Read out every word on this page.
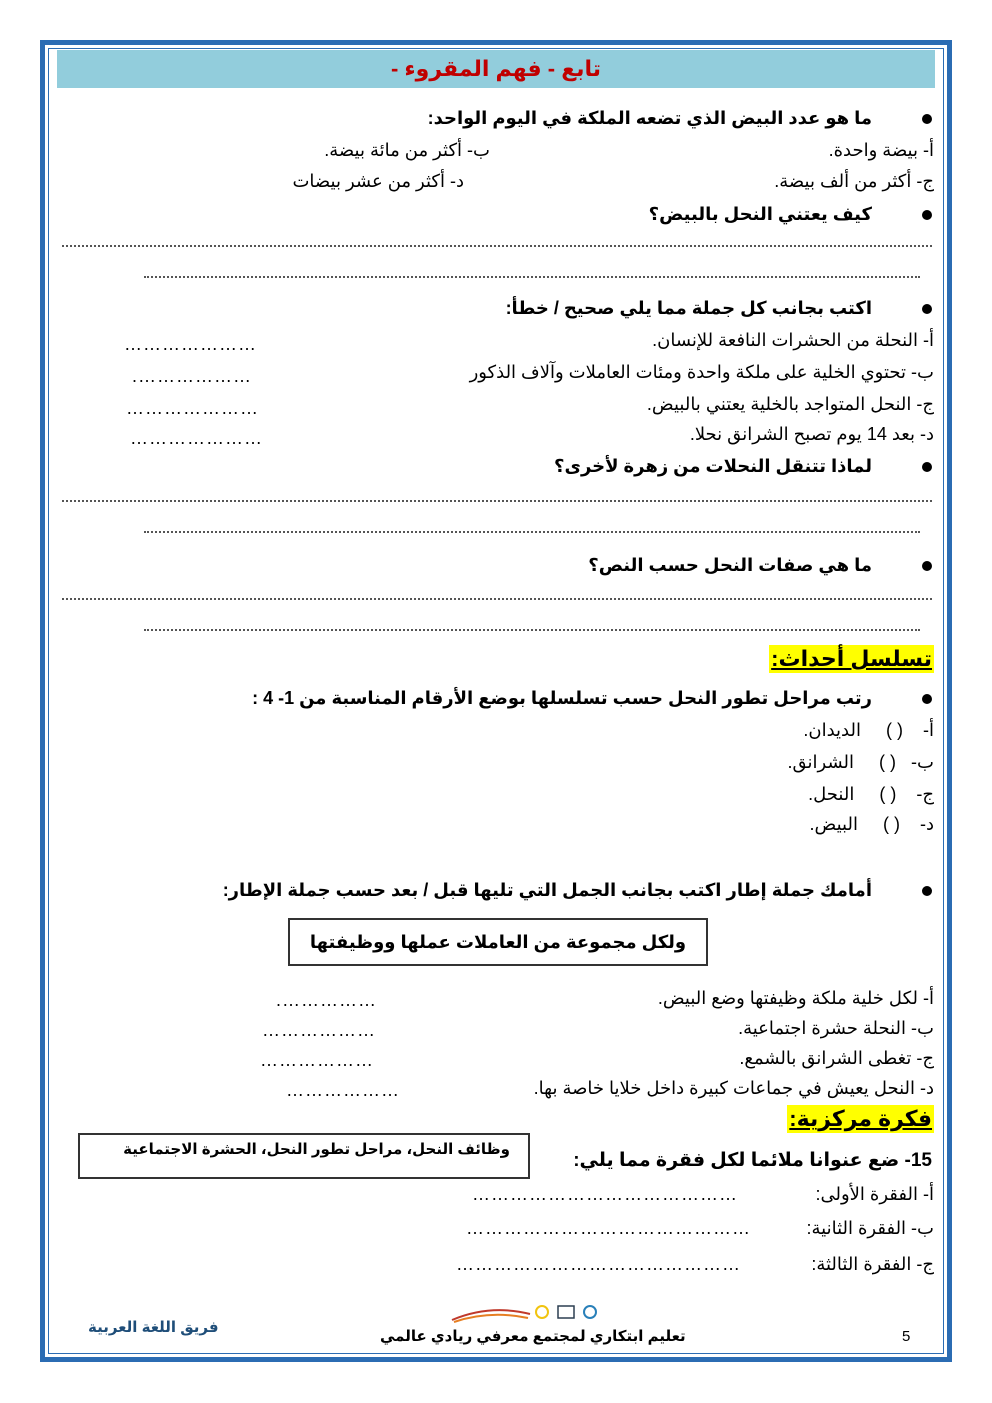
تابع - فهم المقروء -
ما هو عدد البيض الذي تضعه الملكة في اليوم الواحد:
أ- بيضة واحدة.
ب- أكثر من مائة بيضة.
ج- أكثر من ألف بيضة.
د- أكثر من عشر بيضات
كيف يعتني النحل بالبيض؟
اكتب بجانب كل جملة مما يلي صحيح / خطأ:
أ- النحلة من الحشرات النافعة للإنسان.
…………………
ب- تحتوي الخلية على ملكة واحدة ومئات العاملات وآلاف الذكور
……………….
ج- النحل المتواجد بالخلية يعتني بالبيض.
…………………
د- بعد 14 يوم تصبح الشرانق نحلا.
…………………
لماذا تتنقل النحلات من زهرة لأخرى؟
ما هي صفات النحل حسب النص؟
تسلسل أحداث:
رتب مراحل تطور النحل حسب تسلسلها بوضع الأرقام المناسبة من 1- 4 :
أ-    ( )     الديدان.
ب-   ( )     الشرانق.
ج-    ( )     النحل.
د-    ( )     البيض.
أمامك جملة إطار اكتب بجانب الجمل التي تليها قبل / بعد حسب جملة الإطار:
ولكل مجموعة من العاملات عملها ووظيفتها
أ- لكل خلية ملكة وظيفتها وضع البيض.
…………….
ب- النحلة حشرة اجتماعية.
………………
ج- تغطى الشرانق بالشمع.
………………
د- النحل يعيش في جماعات كبيرة داخل خلايا خاصة بها.
………………
فكرة مركزية:
وظائف النحل، مراحل تطور النحل، الحشرة الاجتماعية
15- ضع عنوانا ملائما لكل فقرة مما يلي:
أ- الفقرة الأولى:
……………………………………
ب- الفقرة الثانية:
………………………………………
ج- الفقرة الثالثة:
………………………………………
فريق اللغة العربية
تعليم ابتكاري لمجتمع معرفي ريادي عالمي	5
